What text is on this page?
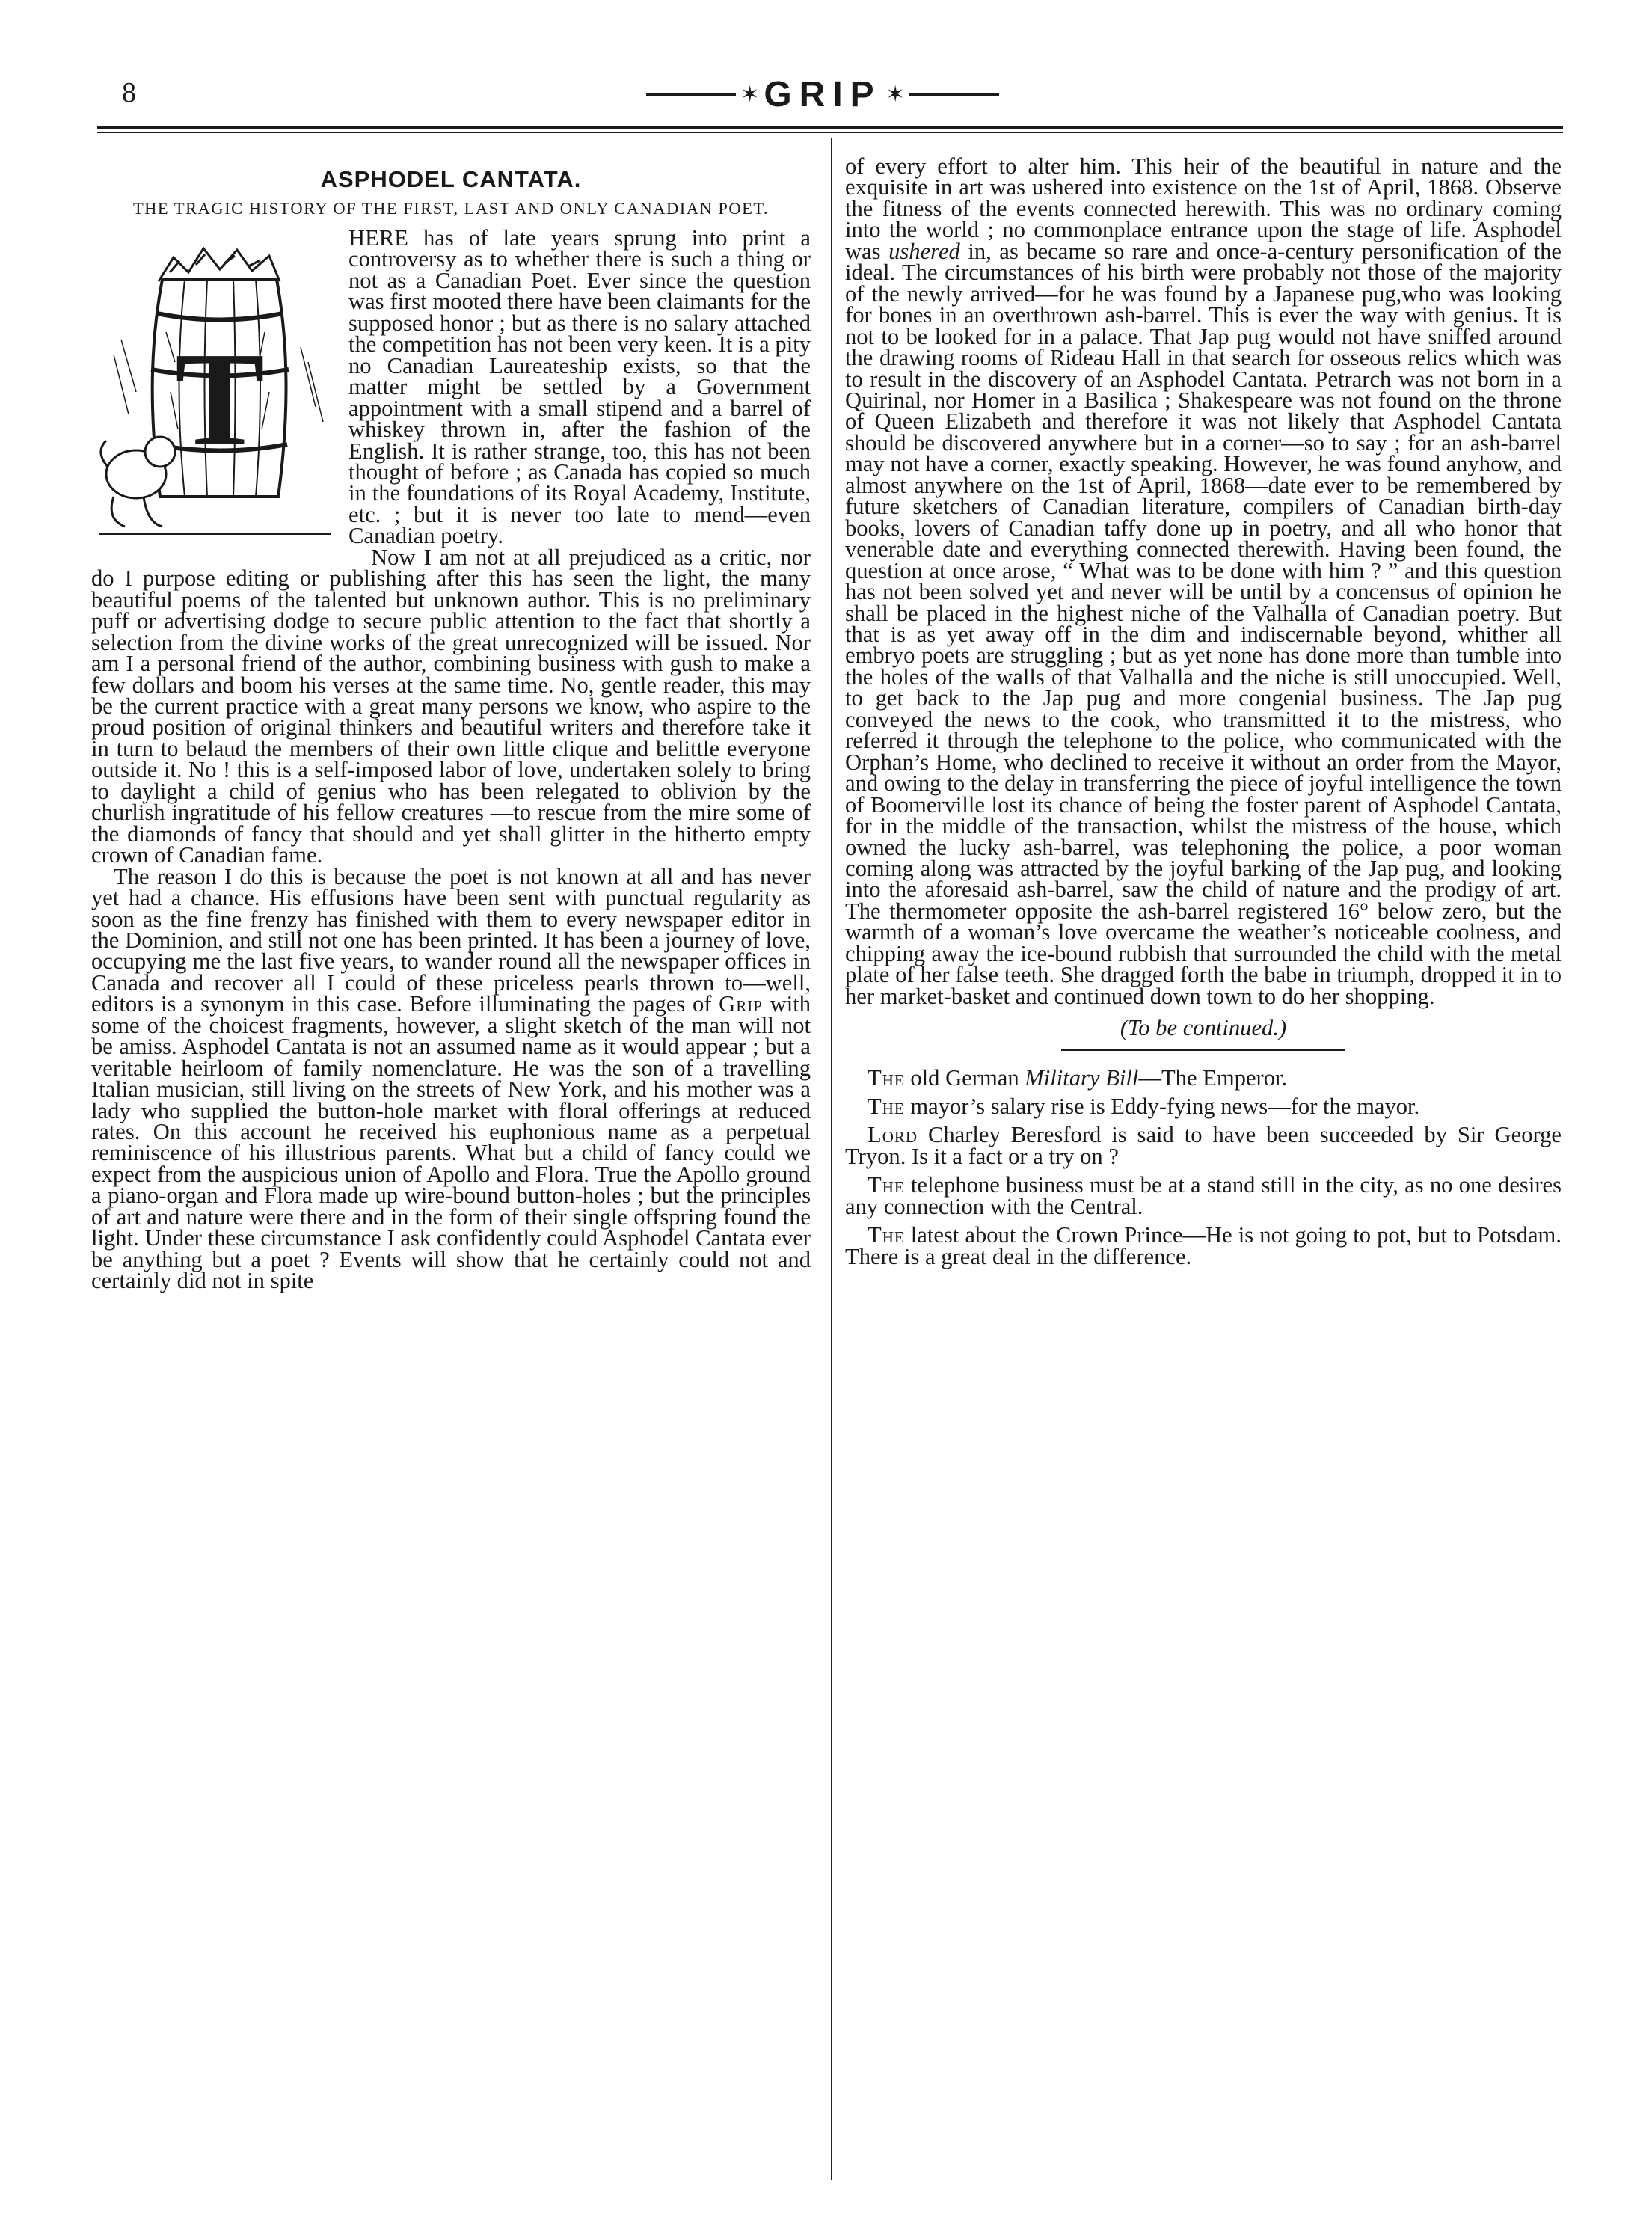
8	✶ GRIP ✶
ASPHODEL CANTATA.
THE TRAGIC HISTORY OF THE FIRST, LAST AND ONLY CANADIAN POET.
T

HERE has of late years sprung into print a controversy as to whether there is such a thing or not as a Canadian Poet. Ever since the question was first mooted there have been claimants for the supposed honor ; but as there is no salary attached the competition has not been very keen. It is a pity no Canadian Laureateship exists, so that the matter might be settled by a Government appointment with a small stipend and a barrel of whiskey thrown in, after the fashion of the English. It is rather strange, too, this has not been thought of before ; as Canada has copied so much in the foundations of its Royal Academy, Institute, etc. ; but it is never too late to mend—even Canadian poetry.

Now I am not at all prejudiced as a critic, nor do I purpose editing or publishing after this has seen the light, the many beautiful poems of the talented but unknown author. This is no preliminary puff or advertising dodge to secure public attention to the fact that shortly a selection from the divine works of the great unrecognized will be issued. Nor am I a personal friend of the author, combining business with gush to make a few dollars and boom his verses at the same time. No, gentle reader, this may be the current practice with a great many persons we know, who aspire to the proud position of original thinkers and beautiful writers and therefore take it in turn to belaud the members of their own little clique and belittle everyone outside it. No ! this is a self-imposed labor of love, undertaken solely to bring to daylight a child of genius who has been relegated to oblivion by the churlish ingratitude of his fellow creatures —to rescue from the mire some of the diamonds of fancy that should and yet shall glitter in the hitherto empty crown of Canadian fame.

The reason I do this is because the poet is not known at all and has never yet had a chance. His effusions have been sent with punctual regularity as soon as the fine frenzy has finished with them to every newspaper editor in the Dominion, and still not one has been printed. It has been a journey of love, occupying me the last five years, to wander round all the newspaper offices in Canada and recover all I could of these priceless pearls thrown to—well, editors is a synonym in this case. Before illuminating the pages of Grip with some of the choicest fragments, however, a slight sketch of the man will not be amiss. Asphodel Cantata is not an assumed name as it would appear ; but a veritable heirloom of family nomenclature. He was the son of a travelling Italian musician, still living on the streets of New York, and his mother was a lady who supplied the button-hole market with floral offerings at reduced rates. On this account he received his euphonious name as a perpetual reminiscence of his illustrious parents. What but a child of fancy could we expect from the auspicious union of Apollo and Flora. True the Apollo ground a piano-organ and Flora made up wire-bound button-holes ; but the principles of art and nature were there and in the form of their single offspring found the light. Under these circumstance I ask confidently could Asphodel Cantata ever be anything but a poet ? Events will show that he certainly could not and certainly did not in spite

of every effort to alter him. This heir of the beautiful in nature and the exquisite in art was ushered into existence on the 1st of April, 1868. Observe the fitness of the events connected herewith. This was no ordinary coming into the world ; no commonplace entrance upon the stage of life. Asphodel was ushered in, as became so rare and once-a-century personification of the ideal. The circumstances of his birth were probably not those of the majority of the newly arrived—for he was found by a Japanese pug,who was looking for bones in an overthrown ash-barrel. This is ever the way with genius. It is not to be looked for in a palace. That Jap pug would not have sniffed around the drawing rooms of Rideau Hall in that search for osseous relics which was to result in the discovery of an Asphodel Cantata. Petrarch was not born in a Quirinal, nor Homer in a Basilica ; Shakespeare was not found on the throne of Queen Elizabeth and therefore it was not likely that Asphodel Cantata should be discovered anywhere but in a corner—so to say ; for an ash-barrel may not have a corner, exactly speaking. However, he was found anyhow, and almost anywhere on the 1st of April, 1868—date ever to be remembered by future sketchers of Canadian literature, compilers of Canadian birth-day books, lovers of Canadian taffy done up in poetry, and all who honor that venerable date and everything connected therewith. Having been found, the question at once arose, “ What was to be done with him ? ” and this question has not been solved yet and never will be until by a concensus of opinion he shall be placed in the highest niche of the Valhalla of Canadian poetry. But that is as yet away off in the dim and indiscernable beyond, whither all embryo poets are struggling ; but as yet none has done more than tumble into the holes of the walls of that Valhalla and the niche is still unoccupied. Well, to get back to the Jap pug and more congenial business. The Jap pug conveyed the news to the cook, who transmitted it to the mistress, who referred it through the telephone to the police, who communicated with the Orphan’s Home, who declined to receive it without an order from the Mayor, and owing to the delay in transferring the piece of joyful intelligence the town of Boomerville lost its chance of being the foster parent of Asphodel Cantata, for in the middle of the transaction, whilst the mistress of the house, which owned the lucky ash-barrel, was telephoning the police, a poor woman coming along was attracted by the joyful barking of the Jap pug, and looking into the aforesaid ash-barrel, saw the child of nature and the prodigy of art. The thermometer opposite the ash-barrel registered 16° below zero, but the warmth of a woman’s love overcame the weather’s noticeable coolness, and chipping away the ice-bound rubbish that surrounded the child with the metal plate of her false teeth. She dragged forth the babe in triumph, dropped it in to her market-basket and continued down town to do her shopping.

(To be continued.)

The old German Military Bill—The Emperor.

The mayor’s salary rise is Eddy-fying news—for the mayor.

Lord Charley Beresford is said to have been succeeded by Sir George Tryon. Is it a fact or a try on ?

The telephone business must be at a stand still in the city, as no one desires any connection with the Central.

The latest about the Crown Prince—He is not going to pot, but to Potsdam. There is a great deal in the difference.
